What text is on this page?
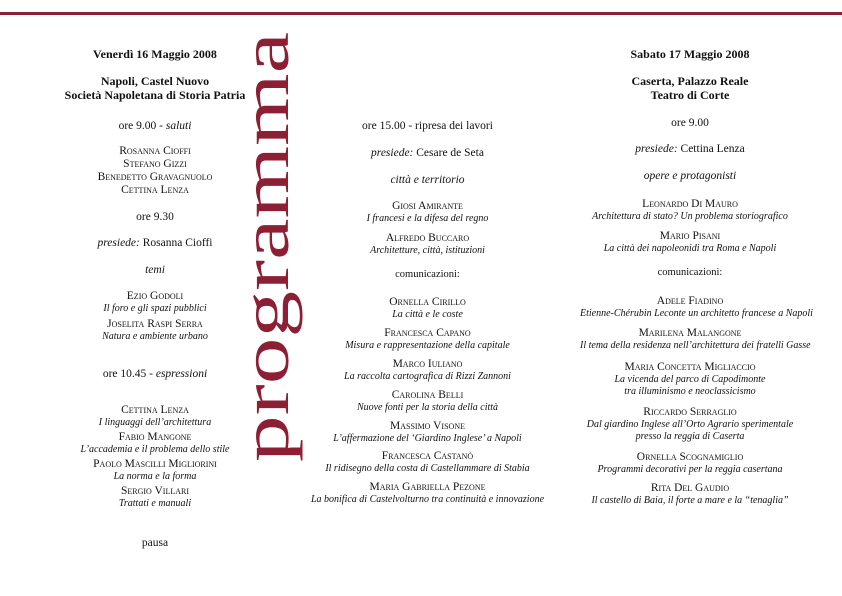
programma
Venerdì 16 Maggio 2008
Napoli, Castel Nuovo
Società Napoletana di Storia Patria
ore 9.00 - saluti
Rosanna Cioffi
Stefano Gizzi
Benedetto Gravagnuolo
Cettina Lenza
ore 9.30
presiede: Rosanna Cioffi
temi
Ezio Godoli
Il foro e gli spazi pubblici
Joselita Raspi Serra
Natura e ambiente urbano
ore 10.45 - espressioni
Cettina Lenza
I linguaggi dell’architettura
Fabio Mangone
L’accademia e il problema dello stile
Paolo Mascilli Migliorini
La norma e la forma
Sergio Villari
Trattati e manuali
pausa
ore 15.00 - ripresa dei lavori
presiede: Cesare de Seta
città e territorio
Giosi Amirante
I francesi e la difesa del regno
Alfredo Buccaro
Architetture, città, istituzioni
comunicazioni:
Ornella Cirillo
La città e le coste
Francesca Capano
Misura e rappresentazione della capitale
Marco Iuliano
La raccolta cartografica di Rizzi Zannoni
Carolina Belli
Nuove fonti per la storia della città
Massimo Visone
L’affermazione del ‘Giardino Inglese’ a Napoli
Francesca Castanò
Il ridisegno della costa di Castellammare di Stabia
Maria Gabriella Pezone
La bonifica di Castelvolturno tra continuità e innovazione
Sabato 17 Maggio 2008
Caserta, Palazzo Reale
Teatro di Corte
ore 9.00
presiede: Cettina Lenza
opere e protagonisti
Leonardo Di Mauro
Architettura di stato? Un problema storiografico
Mario Pisani
La città dei napoleonidi tra Roma e Napoli
comunicazioni:
Adele Fiadino
Etienne-Chérubin Leconte un architetto francese a Napoli
Marilena Malangone
Il tema della residenza nell’architettura dei fratelli Gasse
Maria Concetta Migliaccio
La vicenda del parco di Capodimonte
tra illuminismo e neoclassicismo
Riccardo Serraglio
Dal giardino Inglese all’Orto Agrario sperimentale
presso la reggia di Caserta
Ornella Scognamiglio
Programmi decorativi per la reggia casertana
Rita Del Gaudio
Il castello di Baia, il forte a mare e la “tenaglia”
